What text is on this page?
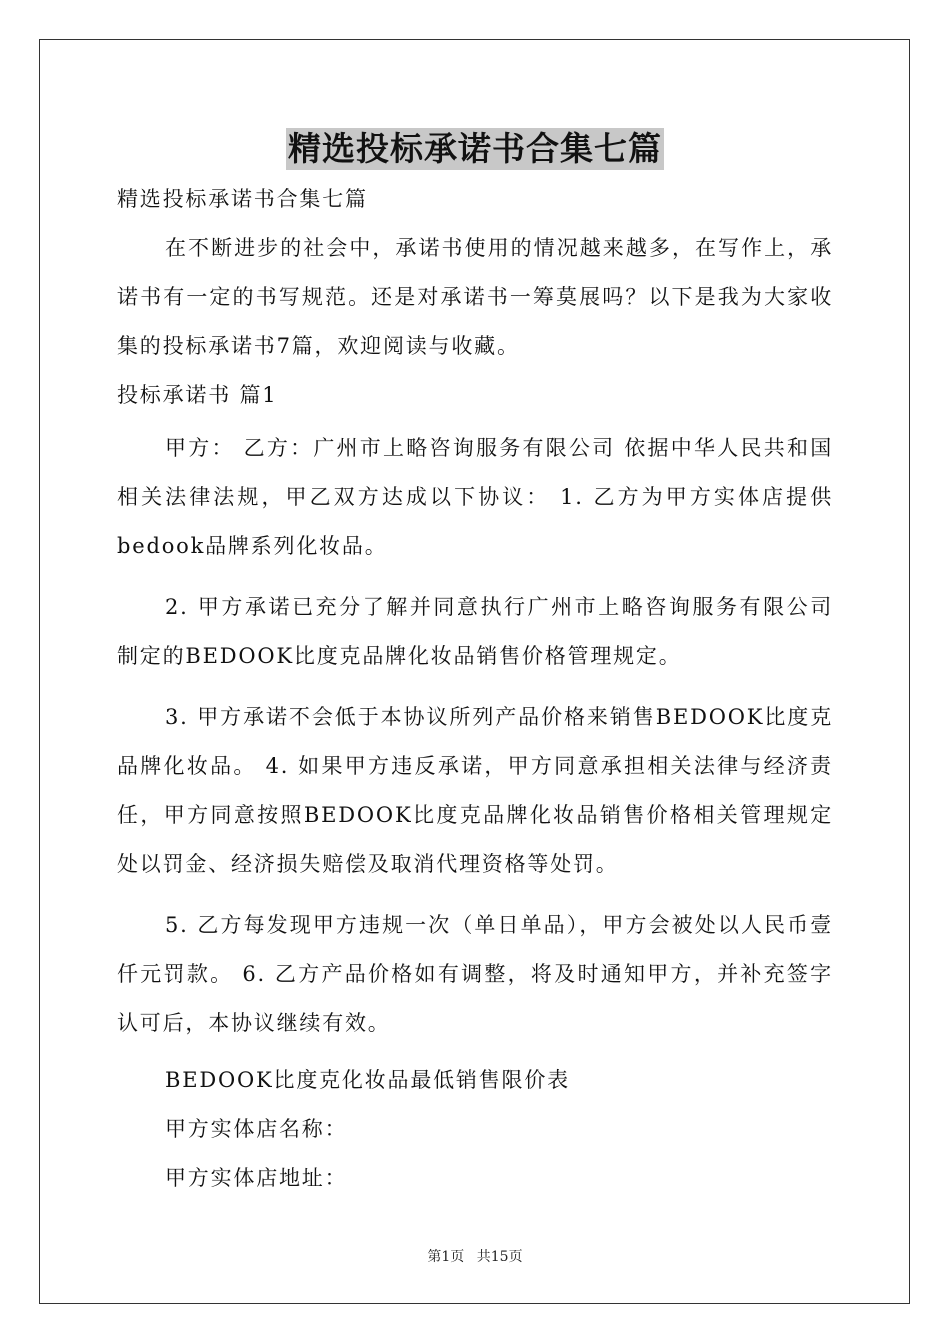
精选投标承诺书合集七篇
精选投标承诺书合集七篇

在不断进步的社会中，承诺书使用的情况越来越多，在写作上，承诺书有一定的书写规范。还是对承诺书一筹莫展吗？以下是我为大家收集的投标承诺书7篇，欢迎阅读与收藏。

投标承诺书 篇1

甲方： 乙方：广州市上略咨询服务有限公司 依据中华人民共和国相关法律法规，甲乙双方达成以下协议： 1. 乙方为甲方实体店提供bedook品牌系列化妆品。

2. 甲方承诺已充分了解并同意执行广州市上略咨询服务有限公司制定的BEDOOK比度克品牌化妆品销售价格管理规定。

3. 甲方承诺不会低于本协议所列产品价格来销售BEDOOK比度克品牌化妆品。 4. 如果甲方违反承诺，甲方同意承担相关法律与经济责任，甲方同意按照BEDOOK比度克品牌化妆品销售价格相关管理规定处以罚金、经济损失赔偿及取消代理资格等处罚。

5. 乙方每发现甲方违规一次（单日单品），甲方会被处以人民币壹仟元罚款。 6. 乙方产品价格如有调整，将及时通知甲方，并补充签字认可后，本协议继续有效。

BEDOOK比度克化妆品最低销售限价表

甲方实体店名称：

甲方实体店地址：

第1页 共15页
